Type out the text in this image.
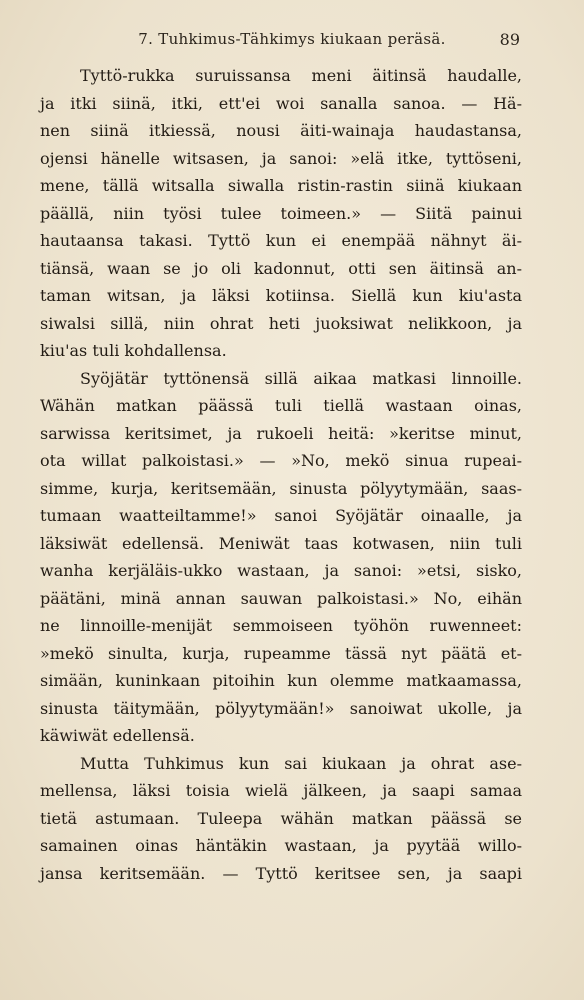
7. Tuhkimus-Tähkimys kiukaan peräsä.	89
Tyttö-rukka suruissansa meni äitinsä haudalle,
ja itki siinä, itki, ett'ei woi sanalla sanoa. — Hä-
nen siinä itkiessä, nousi äiti-wainaja haudastansa,
ojensi hänelle witsasen, ja sanoi: »elä itke, tyttöseni,
mene, tällä witsalla siwalla ristin-rastin siinä kiukaan
päällä, niin työsi tulee toimeen.» — Siitä painui
hautaansa takasi. Tyttö kun ei enempää nähnyt äi-
tiänsä, waan se jo oli kadonnut, otti sen äitinsä an-
taman witsan, ja läksi kotiinsa. Siellä kun kiu'asta
siwalsi sillä, niin ohrat heti juoksiwat nelikkoon, ja
kiu'as tuli kohdallensa.
Syöjätär tyttönensä sillä aikaa matkasi linnoille.
Wähän matkan päässä tuli tiellä wastaan oinas,
sarwissa keritsimet, ja rukoeli heitä: »keritse minut,
ota willat palkoistasi.» — »No, mekö sinua rupeai-
simme, kurja, keritsemään, sinusta pölyytymään, saas-
tumaan waatteiltamme!» sanoi Syöjätär oinaalle, ja
läksiwät edellensä. Meniwät taas kotwasen, niin tuli
wanha kerjäläis-ukko wastaan, ja sanoi: »etsi, sisko,
päätäni, minä annan sauwan palkoistasi.» No, eihän
ne linnoille-menijät semmoiseen työhön ruwenneet:
»mekö sinulta, kurja, rupeamme tässä nyt päätä et-
simään, kuninkaan pitoihin kun olemme matkaamassa,
sinusta täitymään, pölyytymään!» sanoiwat ukolle, ja
käwiwät edellensä.
Mutta Tuhkimus kun sai kiukaan ja ohrat ase-
mellensa, läksi toisia wielä jälkeen, ja saapi samaa
tietä astumaan. Tuleepa wähän matkan päässä se
samainen oinas häntäkin wastaan, ja pyytää willo-
jansa keritsemään. — Tyttö keritsee sen, ja saapi
